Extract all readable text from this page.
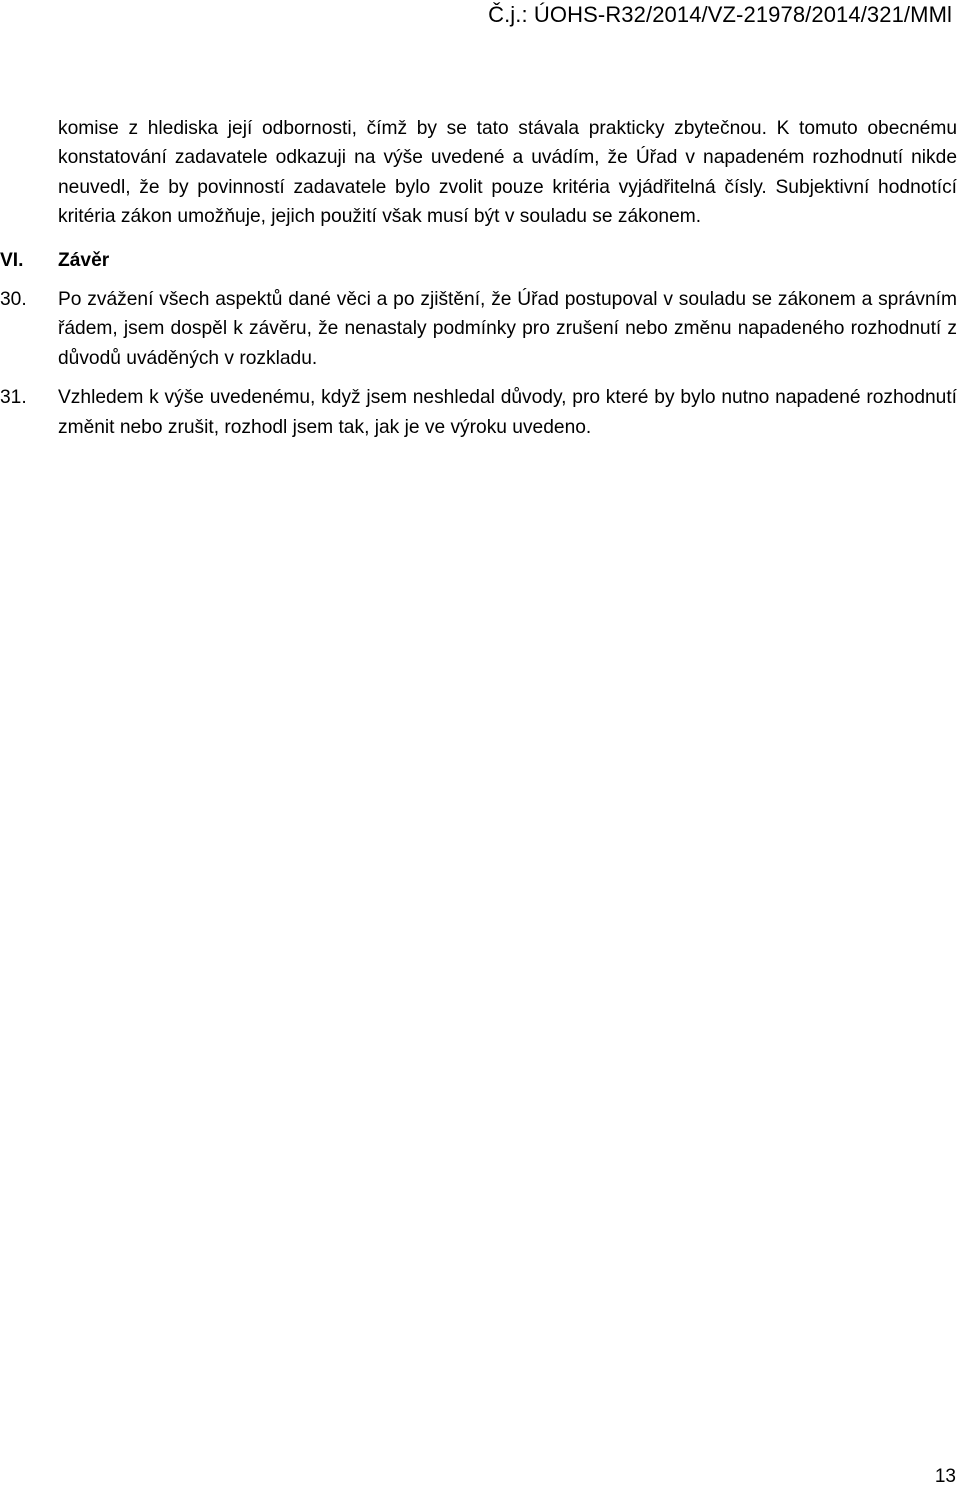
Č.j.: ÚOHS-R32/2014/VZ-21978/2014/321/MMl
komise z hlediska její odbornosti, čímž by se tato stávala prakticky zbytečnou. K tomuto obecnému konstatování zadavatele odkazuji na výše uvedené a uvádím, že Úřad v napadeném rozhodnutí nikde neuvedl, že by povinností zadavatele bylo zvolit pouze kritéria vyjádřitelná čísly. Subjektivní hodnotící kritéria zákon umožňuje, jejich použití však musí být v souladu se zákonem.
VI.	Závěr
30.	Po zvážení všech aspektů dané věci a po zjištění, že Úřad postupoval v souladu se zákonem a správním řádem, jsem dospěl k závěru, že nenastaly podmínky pro zrušení nebo změnu napadeného rozhodnutí z důvodů uváděných v rozkladu.
31.	Vzhledem k výše uvedenému, když jsem neshledal důvody, pro které by bylo nutno napadené rozhodnutí změnit nebo zrušit, rozhodl jsem tak, jak je ve výroku uvedeno.
13
